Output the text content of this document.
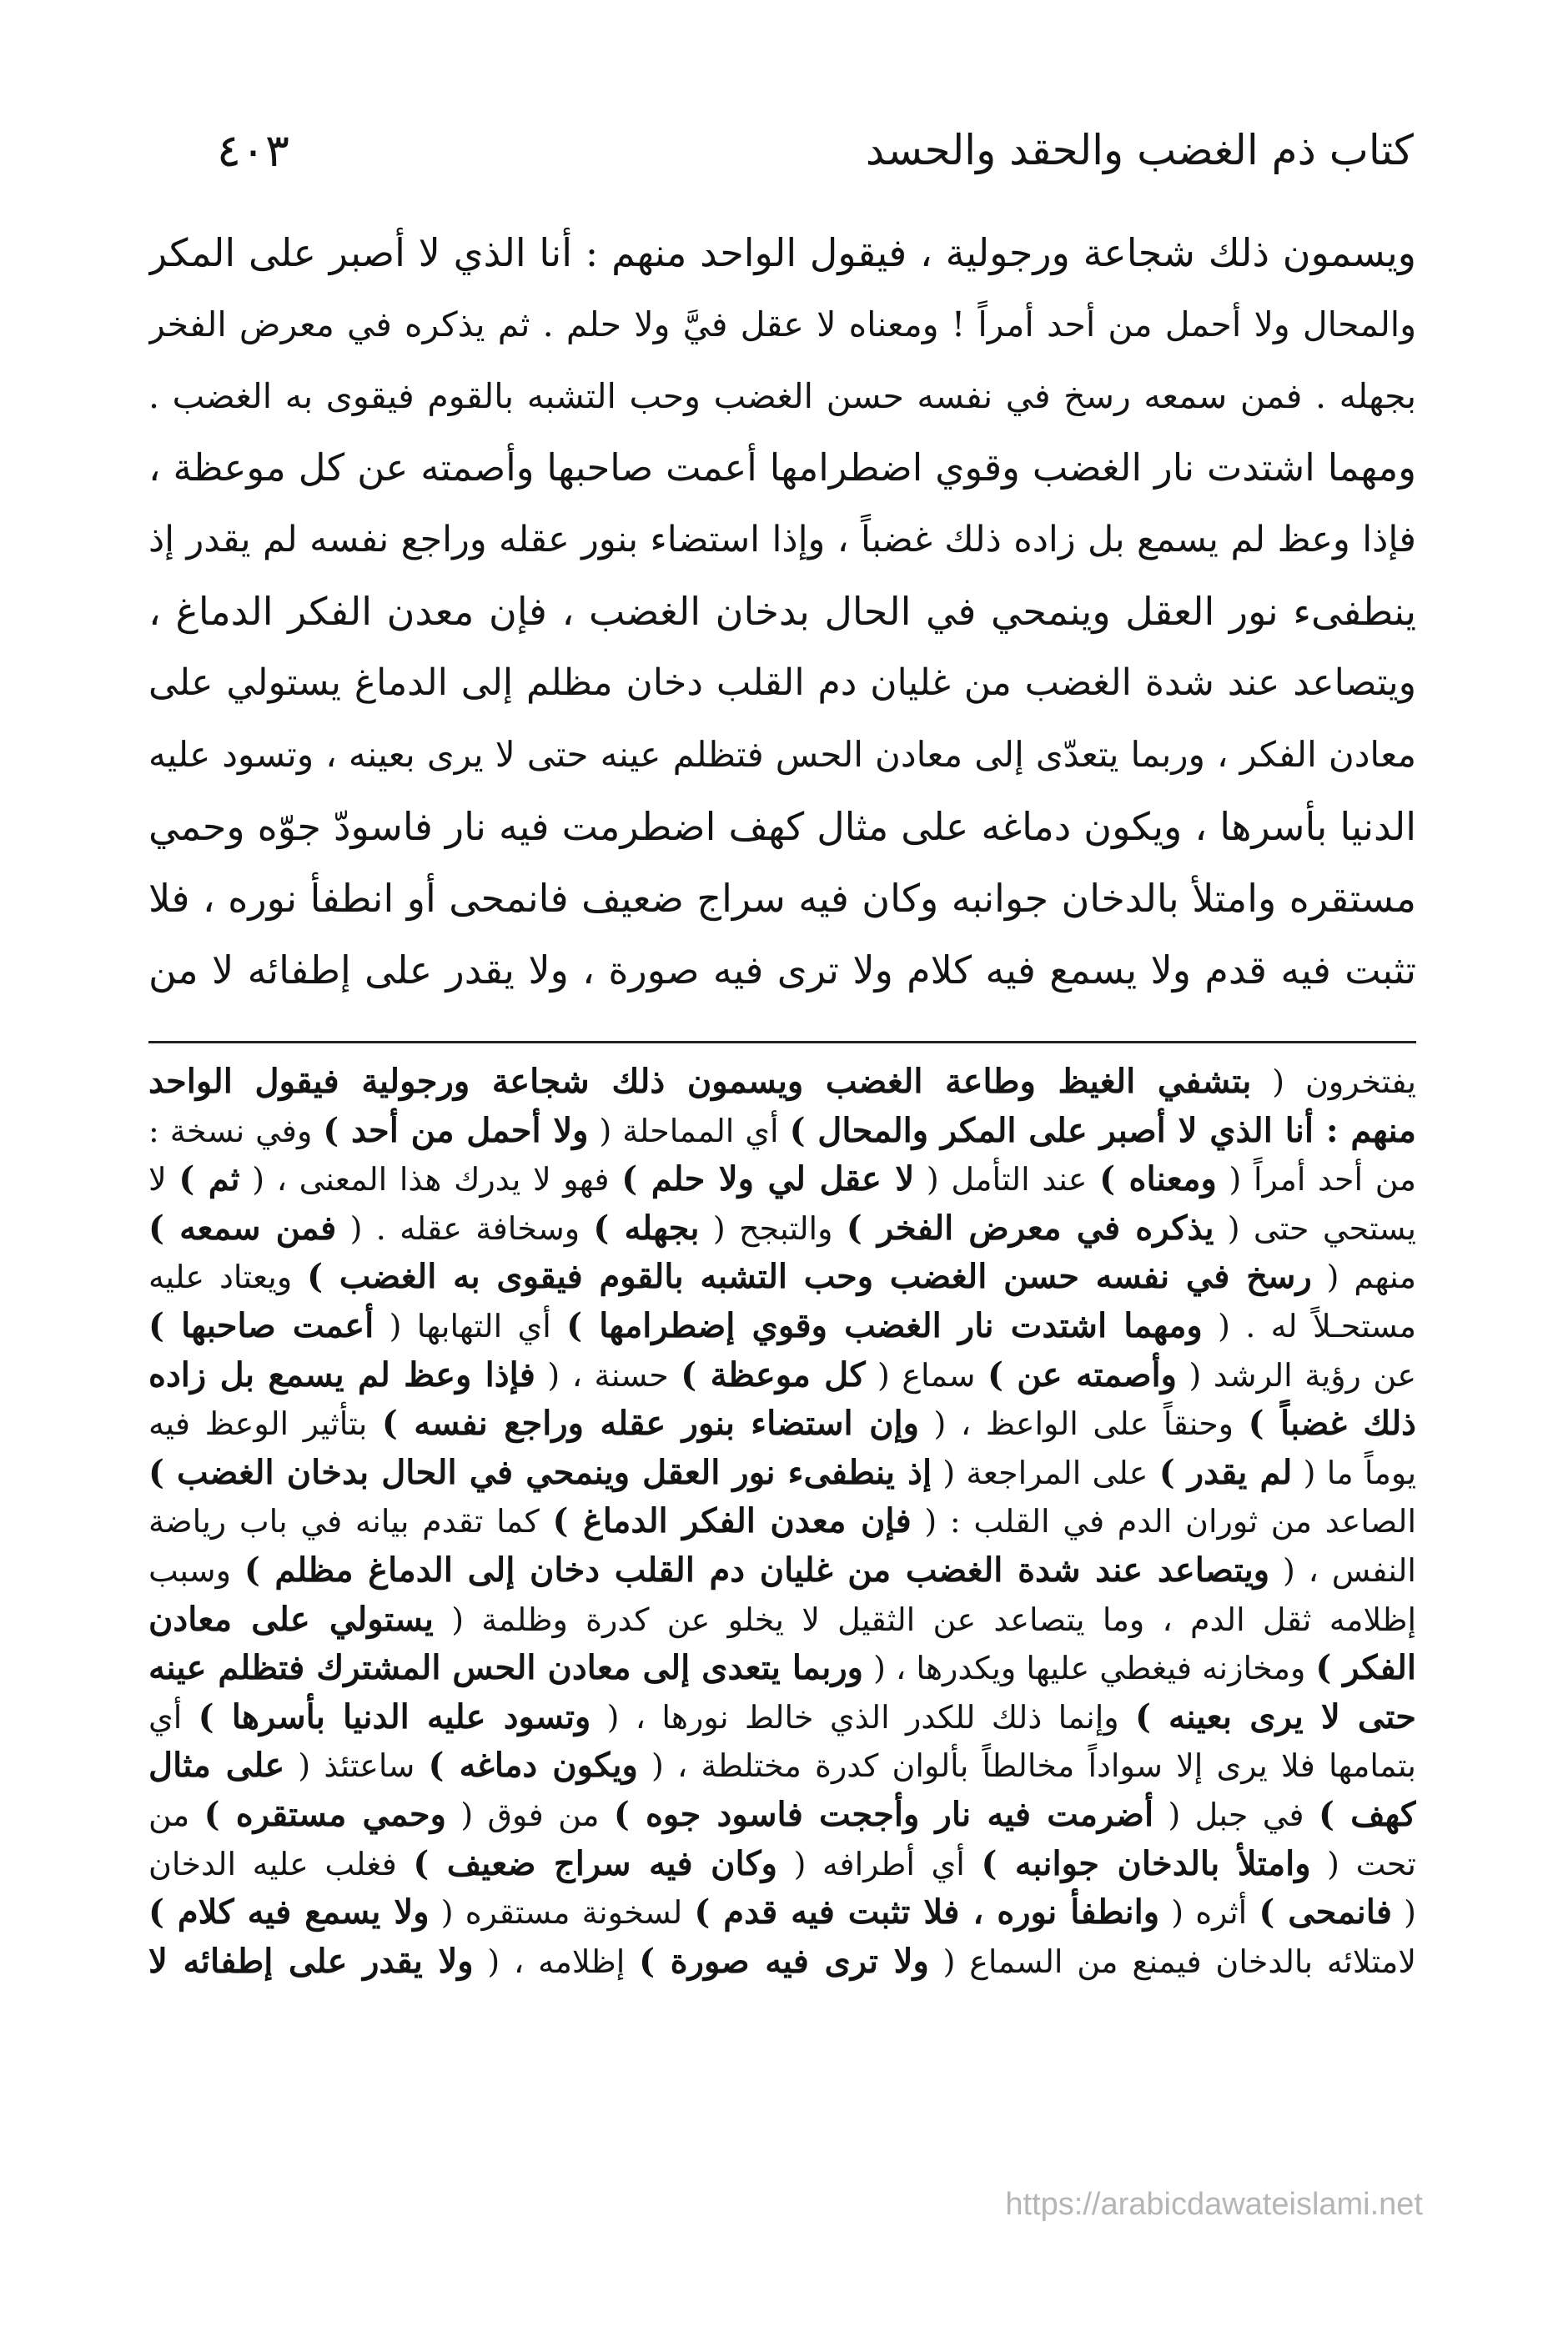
كتاب ذم الغضب والحقد والحسد
٤٠٣
ويسمون ذلك شجاعة ورجولية ، فيقول الواحد منهم : أنا الذي لا أصبر على المكر
والمحال ولا أحمل من أحد أمراً ! ومعناه لا عقل فيَّ ولا حلم . ثم يذكره في معرض الفخر
بجهله . فمن سمعه رسخ في نفسه حسن الغضب وحب التشبه بالقوم فيقوى به الغضب .
ومهما اشتدت نار الغضب وقوي اضطرامها أعمت صاحبها وأصمته عن كل موعظة ،
فإذا وعظ لم يسمع بل زاده ذلك غضباً ، وإذا استضاء بنور عقله وراجع نفسه لم يقدر إذ
ينطفىء نور العقل وينمحي في الحال بدخان الغضب ، فإن معدن الفكر الدماغ ،
ويتصاعد عند شدة الغضب من غليان دم القلب دخان مظلم إلى الدماغ يستولي على
معادن الفكر ، وربما يتعدّى إلى معادن الحس فتظلم عينه حتى لا يرى بعينه ، وتسود عليه
الدنيا بأسرها ، ويكون دماغه على مثال كهف اضطرمت فيه نار فاسودّ جوّه وحمي
مستقره وامتلأ بالدخان جوانبه وكان فيه سراج ضعيف فانمحى أو انطفأ نوره ، فلا
تثبت فيه قدم ولا يسمع فيه كلام ولا ترى فيه صورة ، ولا يقدر على إطفائه لا من
يفتخرون ( بتشفي الغيظ وطاعة الغضب ويسمون ذلك شجاعة ورجولية فيقول الواحد
منهم : أنا الذي لا أصبر على المكر والمحال ) أي المماحلة ( ولا أحمل من أحد ) وفي نسخة :
من أحد أمراً ( ومعناه ) عند التأمل ( لا عقل لي ولا حلم ) فهو لا يدرك هذا المعنى ، ( ثم ) لا
يستحي حتى ( يذكره في معرض الفخر ) والتبجح ( بجهله ) وسخافة عقله . ( فمن سمعه )
منهم ( رسخ في نفسه حسن الغضب وحب التشبه بالقوم فيقوى به الغضب ) ويعتاد عليه
مستحـلاً له . ( ومهما اشتدت نار الغضب وقوي إضطرامها ) أي التهابها ( أعمت صاحبها )
عن رؤية الرشد ( وأصمته عن ) سماع ( كل موعظة ) حسنة ، ( فإذا وعظ لم يسمع بل زاده
ذلك غضباً ) وحنقاً على الواعظ ، ( وإن استضاء بنور عقله وراجع نفسه ) بتأثير الوعظ فيه
يوماً ما ( لم يقدر ) على المراجعة ( إذ ينطفىء نور العقل وينمحي في الحال بدخان الغضب )
الصاعد من ثوران الدم في القلب : ( فإن معدن الفكر الدماغ ) كما تقدم بيانه في باب رياضة
النفس ، ( ويتصاعد عند شدة الغضب من غليان دم القلب دخان إلى الدماغ مظلم ) وسبب
إظلامه ثقل الدم ، وما يتصاعد عن الثقيل لا يخلو عن كدرة وظلمة ( يستولي على معادن
الفكر ) ومخازنه فيغطي عليها ويكدرها ، ( وربما يتعدى إلى معادن الحس المشترك فتظلم عينه
حتى لا يرى بعينه ) وإنما ذلك للكدر الذي خالط نورها ، ( وتسود عليه الدنيا بأسرها ) أي
بتمامها فلا يرى إلا سواداً مخالطاً بألوان كدرة مختلطة ، ( ويكون دماغه ) ساعتئذ ( على مثال
كهف ) في جبل ( أضرمت فيه نار وأججت فاسود جوه ) من فوق ( وحمي مستقره ) من
تحت ( وامتلأ بالدخان جوانبه ) أي أطرافه ( وكان فيه سراج ضعيف ) فغلب عليه الدخان
( فانمحى ) أثره ( وانطفأ نوره ، فلا تثبت فيه قدم ) لسخونة مستقره ( ولا يسمع فيه كلام )
لامتلائه بالدخان فيمنع من السماع ( ولا ترى فيه صورة ) إظلامه ، ( ولا يقدر على إطفائه لا
https://arabicdawateislami.net
